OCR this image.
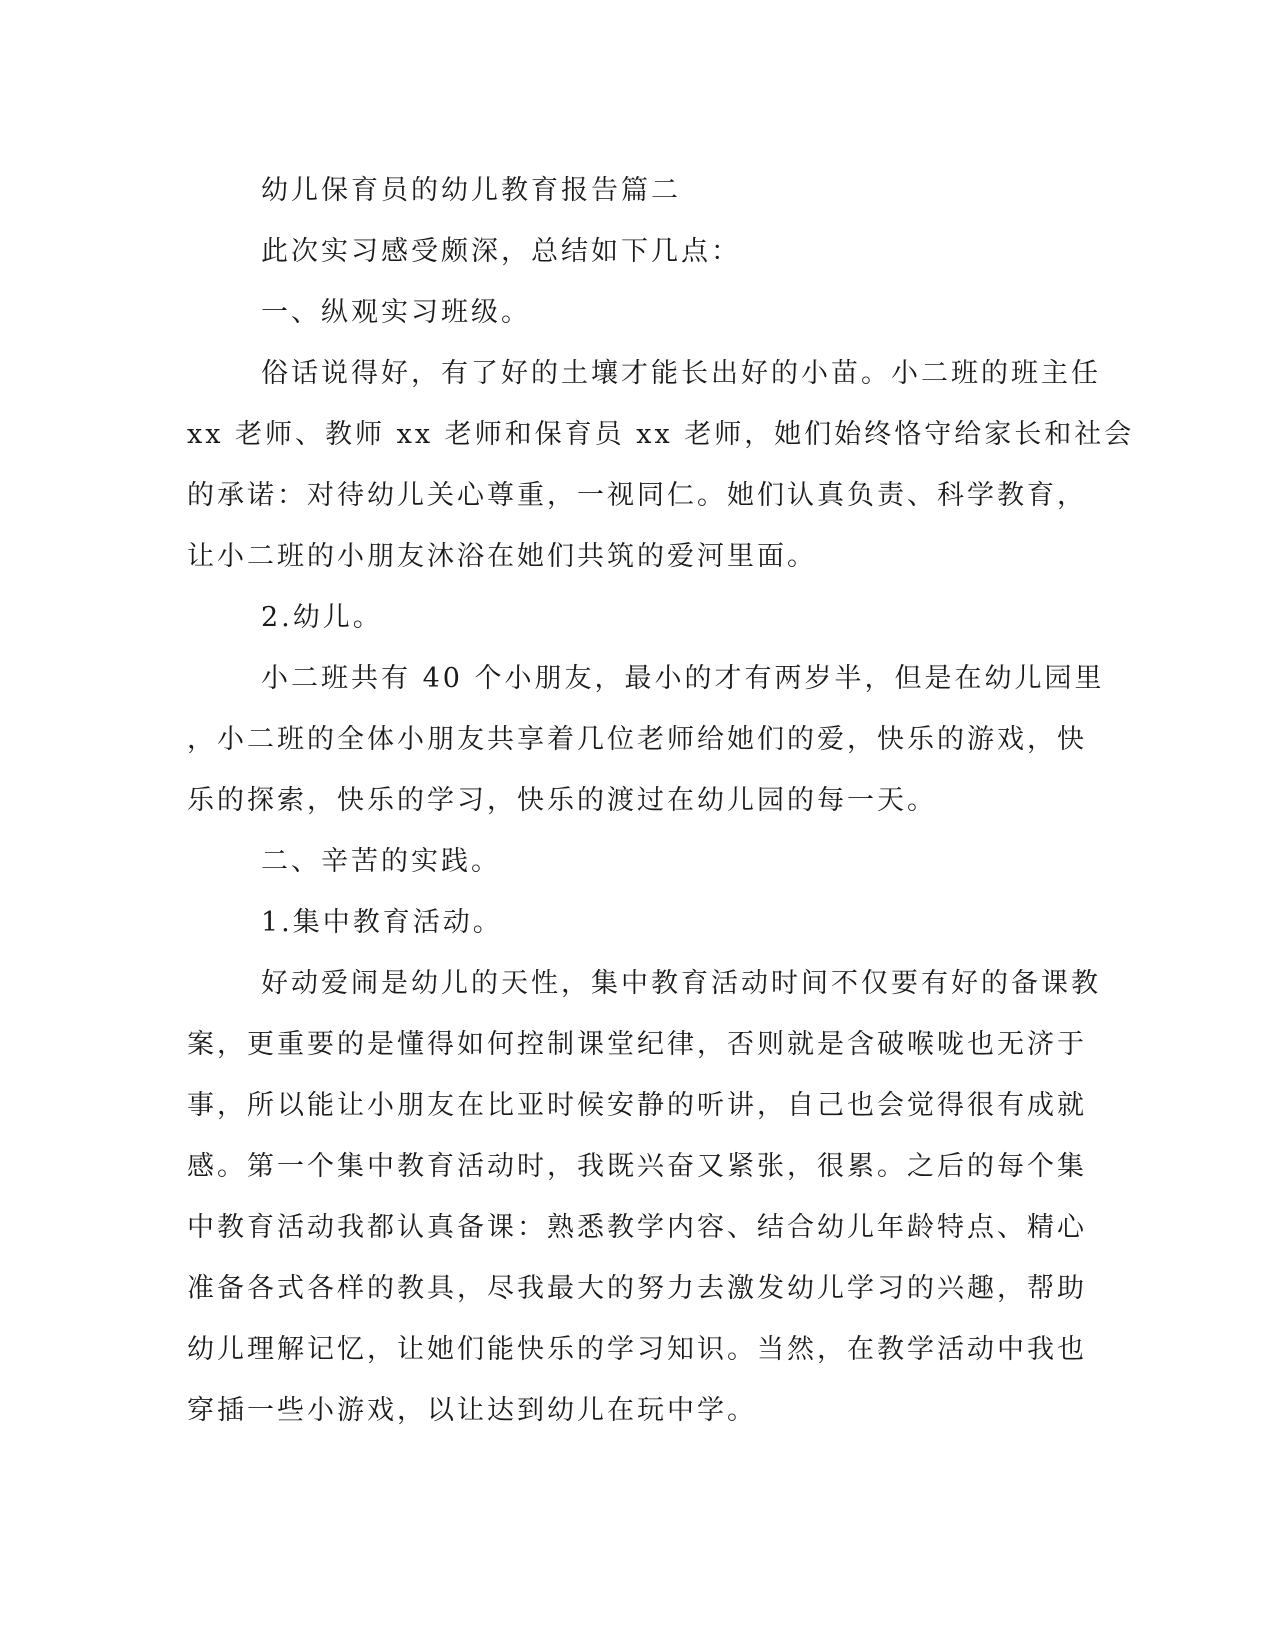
幼儿保育员的幼儿教育报告篇二

此次实习感受颇深，总结如下几点：

一、纵观实习班级。

俗话说得好，有了好的土壤才能长出好的小苗。小二班的班主任
xx 老师、教师 xx 老师和保育员 xx 老师，她们始终恪守给家长和社会
的承诺：对待幼儿关心尊重，一视同仁。她们认真负责、科学教育，
让小二班的小朋友沐浴在她们共筑的爱河里面。

2.幼儿。

小二班共有 40 个小朋友，最小的才有两岁半，但是在幼儿园里
，小二班的全体小朋友共享着几位老师给她们的爱，快乐的游戏，快
乐的探索，快乐的学习，快乐的渡过在幼儿园的每一天。

二、辛苦的实践。

1.集中教育活动。

好动爱闹是幼儿的天性，集中教育活动时间不仅要有好的备课教
案，更重要的是懂得如何控制课堂纪律，否则就是含破喉咙也无济于
事，所以能让小朋友在比亚时候安静的听讲，自己也会觉得很有成就
感。第一个集中教育活动时，我既兴奋又紧张，很累。之后的每个集
中教育活动我都认真备课：熟悉教学内容、结合幼儿年龄特点、精心
准备各式各样的教具，尽我最大的努力去激发幼儿学习的兴趣，帮助
幼儿理解记忆，让她们能快乐的学习知识。当然，在教学活动中我也
穿插一些小游戏，以让达到幼儿在玩中学。
